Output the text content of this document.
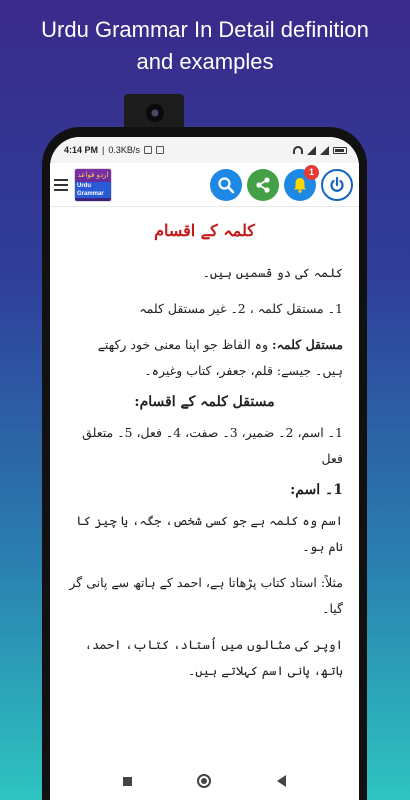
Urdu Grammar In Detail definition
and examples
4:14 PM | 0.3KB/s
اردو قواعد
Urdu Grammar
1
کلمہ کے اقسام
کلمہ کی دو قسمیں ہیں۔
1۔ مستقل کلمہ ، 2۔ غیر مستقل کلمہ
مستقل کلمہ: وہ الفاظ جو اپنا معنی خود رکھتے ہیں۔ جیسے: قلم، جعفر، کتاب وغیرہ۔
مستقل کلمہ کے اقسام:
1۔ اسم، 2۔ ضمیر، 3۔ صفت، 4۔ فعل، 5۔ متعلق فعل
1۔ اسم:
اسم وہ کلمہ ہے جو کسی شخص، جگہ، یا چیز کا نام ہو۔
مثلاً: استاد کتاب پڑھاتا ہے، احمد کے ہاتھ سے پانی گر گیا۔
اوپر کی مثالوں میں اُستاد، کتاب، احمد، ہاتھ، پانی اسم کہلاتے ہیں۔
